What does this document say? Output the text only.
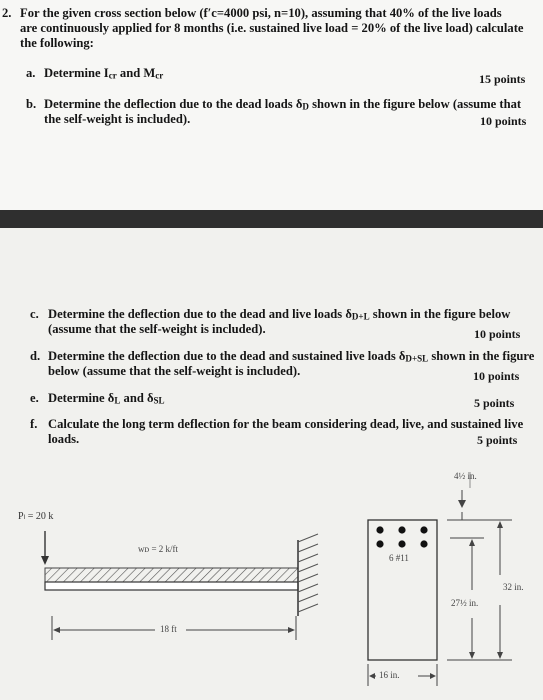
2. For the given cross section below (f′c=4000 psi, n=10), assuming that 40% of the live loads
are continuously applied for 8 months (i.e. sustained live load = 20% of the live load) calculate
the following:
a. Determine Icr and Mcr	15 points
b. Determine the deflection due to the dead loads δD shown in the figure below (assume that
the self-weight is included).	10 points
c. Determine the deflection due to the dead and live loads δD+L shown in the figure below
(assume that the self-weight is included).	10 points
d. Determine the deflection due to the dead and sustained live loads δD+SL shown in the figure
below (assume that the self-weight is included).	10 points
e. Determine δL and δSL	5 points
f. Calculate the long term deflection for the beam considering dead, live, and sustained live
loads.	5 points
Pₗ = 20 k
wᴅ = 2 k/ft
18 ft
6 #11
4½ in.
32 in.
27½ in.
16 in.
